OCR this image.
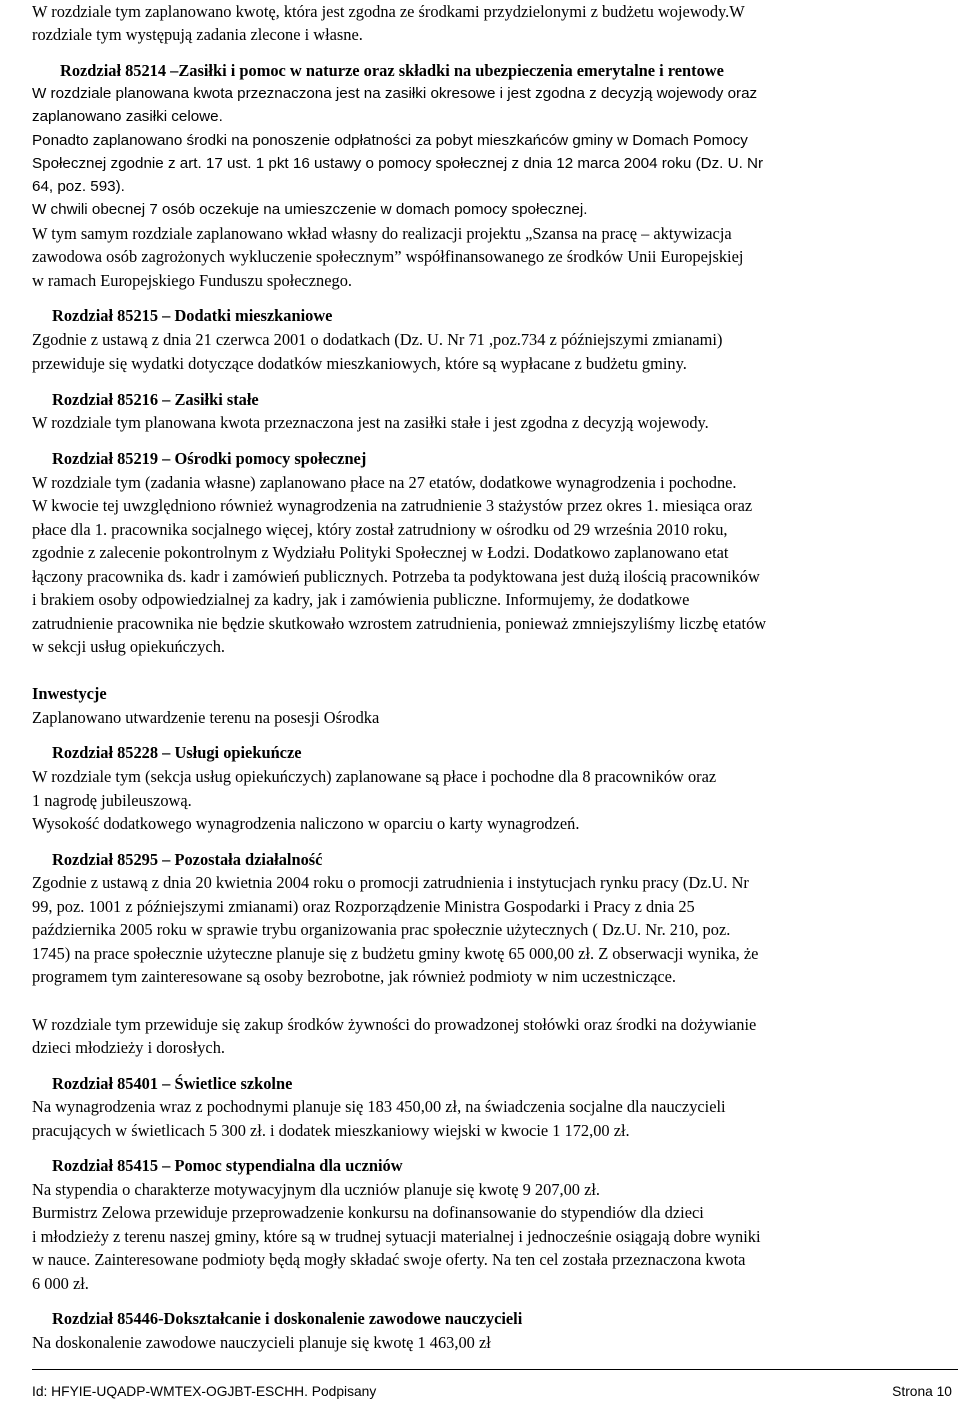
W rozdziale tym zaplanowano kwotę, która jest zgodna ze środkami przydzielonymi z budżetu wojewody.W
rozdziale tym występują zadania zlecone i własne.
Rozdział 85214 –Zasiłki i pomoc w naturze oraz składki na ubezpieczenia emerytalne i rentowe
W rozdziale planowana kwota przeznaczona jest na zasiłki okresowe i jest zgodna z decyzją wojewody oraz
zaplanowano zasiłki celowe.
Ponadto zaplanowano środki na ponoszenie odpłatności za pobyt mieszkańców gminy w Domach Pomocy
Społecznej zgodnie z art. 17 ust. 1 pkt 16 ustawy o pomocy społecznej z dnia 12 marca 2004 roku (Dz. U. Nr
64, poz. 593).
W chwili obecnej 7 osób oczekuje na umieszczenie w domach pomocy społecznej.
W tym samym rozdziale zaplanowano wkład własny do realizacji projektu „Szansa na pracę – aktywizacja
zawodowa osób zagrożonych wykluczenie społecznym” współfinansowanego ze środków Unii Europejskiej
w ramach Europejskiego Funduszu społecznego.
Rozdział 85215 – Dodatki mieszkaniowe
Zgodnie z ustawą z dnia 21 czerwca 2001 o dodatkach (Dz. U. Nr 71 ,poz.734 z późniejszymi zmianami)
przewiduje się wydatki dotyczące dodatków mieszkaniowych, które są wypłacane z budżetu gminy.
Rozdział 85216 – Zasiłki stałe
W rozdziale tym planowana kwota przeznaczona jest na zasiłki stałe i jest zgodna z decyzją wojewody.
Rozdział 85219 – Ośrodki pomocy społecznej
W rozdziale tym (zadania własne) zaplanowano płace na 27 etatów, dodatkowe wynagrodzenia i pochodne.
W kwocie tej uwzględniono również wynagrodzenia na zatrudnienie 3 stażystów przez okres 1. miesiąca oraz
płace dla 1. pracownika socjalnego więcej, który został zatrudniony w ośrodku od 29 września 2010 roku,
zgodnie z zalecenie pokontrolnym z Wydziału Polityki Społecznej w Łodzi. Dodatkowo zaplanowano etat
łączony pracownika ds. kadr i zamówień publicznych. Potrzeba ta podyktowana jest dużą ilością pracowników
i brakiem osoby odpowiedzialnej za kadry, jak i zamówienia publiczne. Informujemy, że dodatkowe
zatrudnienie pracownika nie będzie skutkowało wzrostem zatrudnienia, ponieważ zmniejszyliśmy liczbę etatów
w sekcji usług opiekuńczych.
Inwestycje
Zaplanowano utwardzenie terenu na posesji Ośrodka
Rozdział 85228 – Usługi opiekuńcze
W rozdziale tym (sekcja usług opiekuńczych) zaplanowane są płace i pochodne dla 8 pracowników oraz
1 nagrodę jubileuszową.
Wysokość dodatkowego wynagrodzenia naliczono w oparciu o karty wynagrodzeń.
Rozdział 85295 – Pozostała działalność
Zgodnie z ustawą z dnia 20 kwietnia 2004 roku o promocji zatrudnienia i instytucjach rynku pracy (Dz.U. Nr
99, poz. 1001 z późniejszymi zmianami) oraz Rozporządzenie Ministra Gospodarki i Pracy z dnia 25
października 2005 roku w sprawie trybu organizowania prac społecznie użytecznych ( Dz.U. Nr. 210, poz.
1745) na prace społecznie użyteczne planuje się z budżetu gminy kwotę 65 000,00 zł. Z obserwacji wynika, że
programem tym zainteresowane są osoby bezrobotne, jak również podmioty w nim uczestniczące.
W rozdziale tym przewiduje się zakup środków żywności do prowadzonej stołówki oraz środki na dożywianie
dzieci młodzieży i dorosłych.
Rozdział 85401 – Świetlice szkolne
Na wynagrodzenia wraz z pochodnymi planuje się 183 450,00 zł, na świadczenia socjalne dla nauczycieli
pracujących w świetlicach 5 300 zł. i dodatek mieszkaniowy wiejski w kwocie 1 172,00 zł.
Rozdział 85415 – Pomoc stypendialna dla uczniów
Na stypendia o charakterze motywacyjnym dla uczniów planuje się kwotę 9 207,00 zł.
Burmistrz Zelowa przewiduje przeprowadzenie konkursu na dofinansowanie do stypendiów dla dzieci
i młodzieży z terenu naszej gminy, które są w trudnej sytuacji materialnej i jednocześnie osiągają dobre wyniki
w nauce. Zainteresowane podmioty będą mogły składać swoje oferty. Na ten cel została przeznaczona kwota
6 000 zł.
Rozdział 85446-Dokształcanie i doskonalenie zawodowe nauczycieli
Na doskonalenie zawodowe nauczycieli planuje się kwotę 1 463,00 zł
Id: HFYIE-UQADP-WMTEX-OGJBT-ESCHH. Podpisany	Strona 10
